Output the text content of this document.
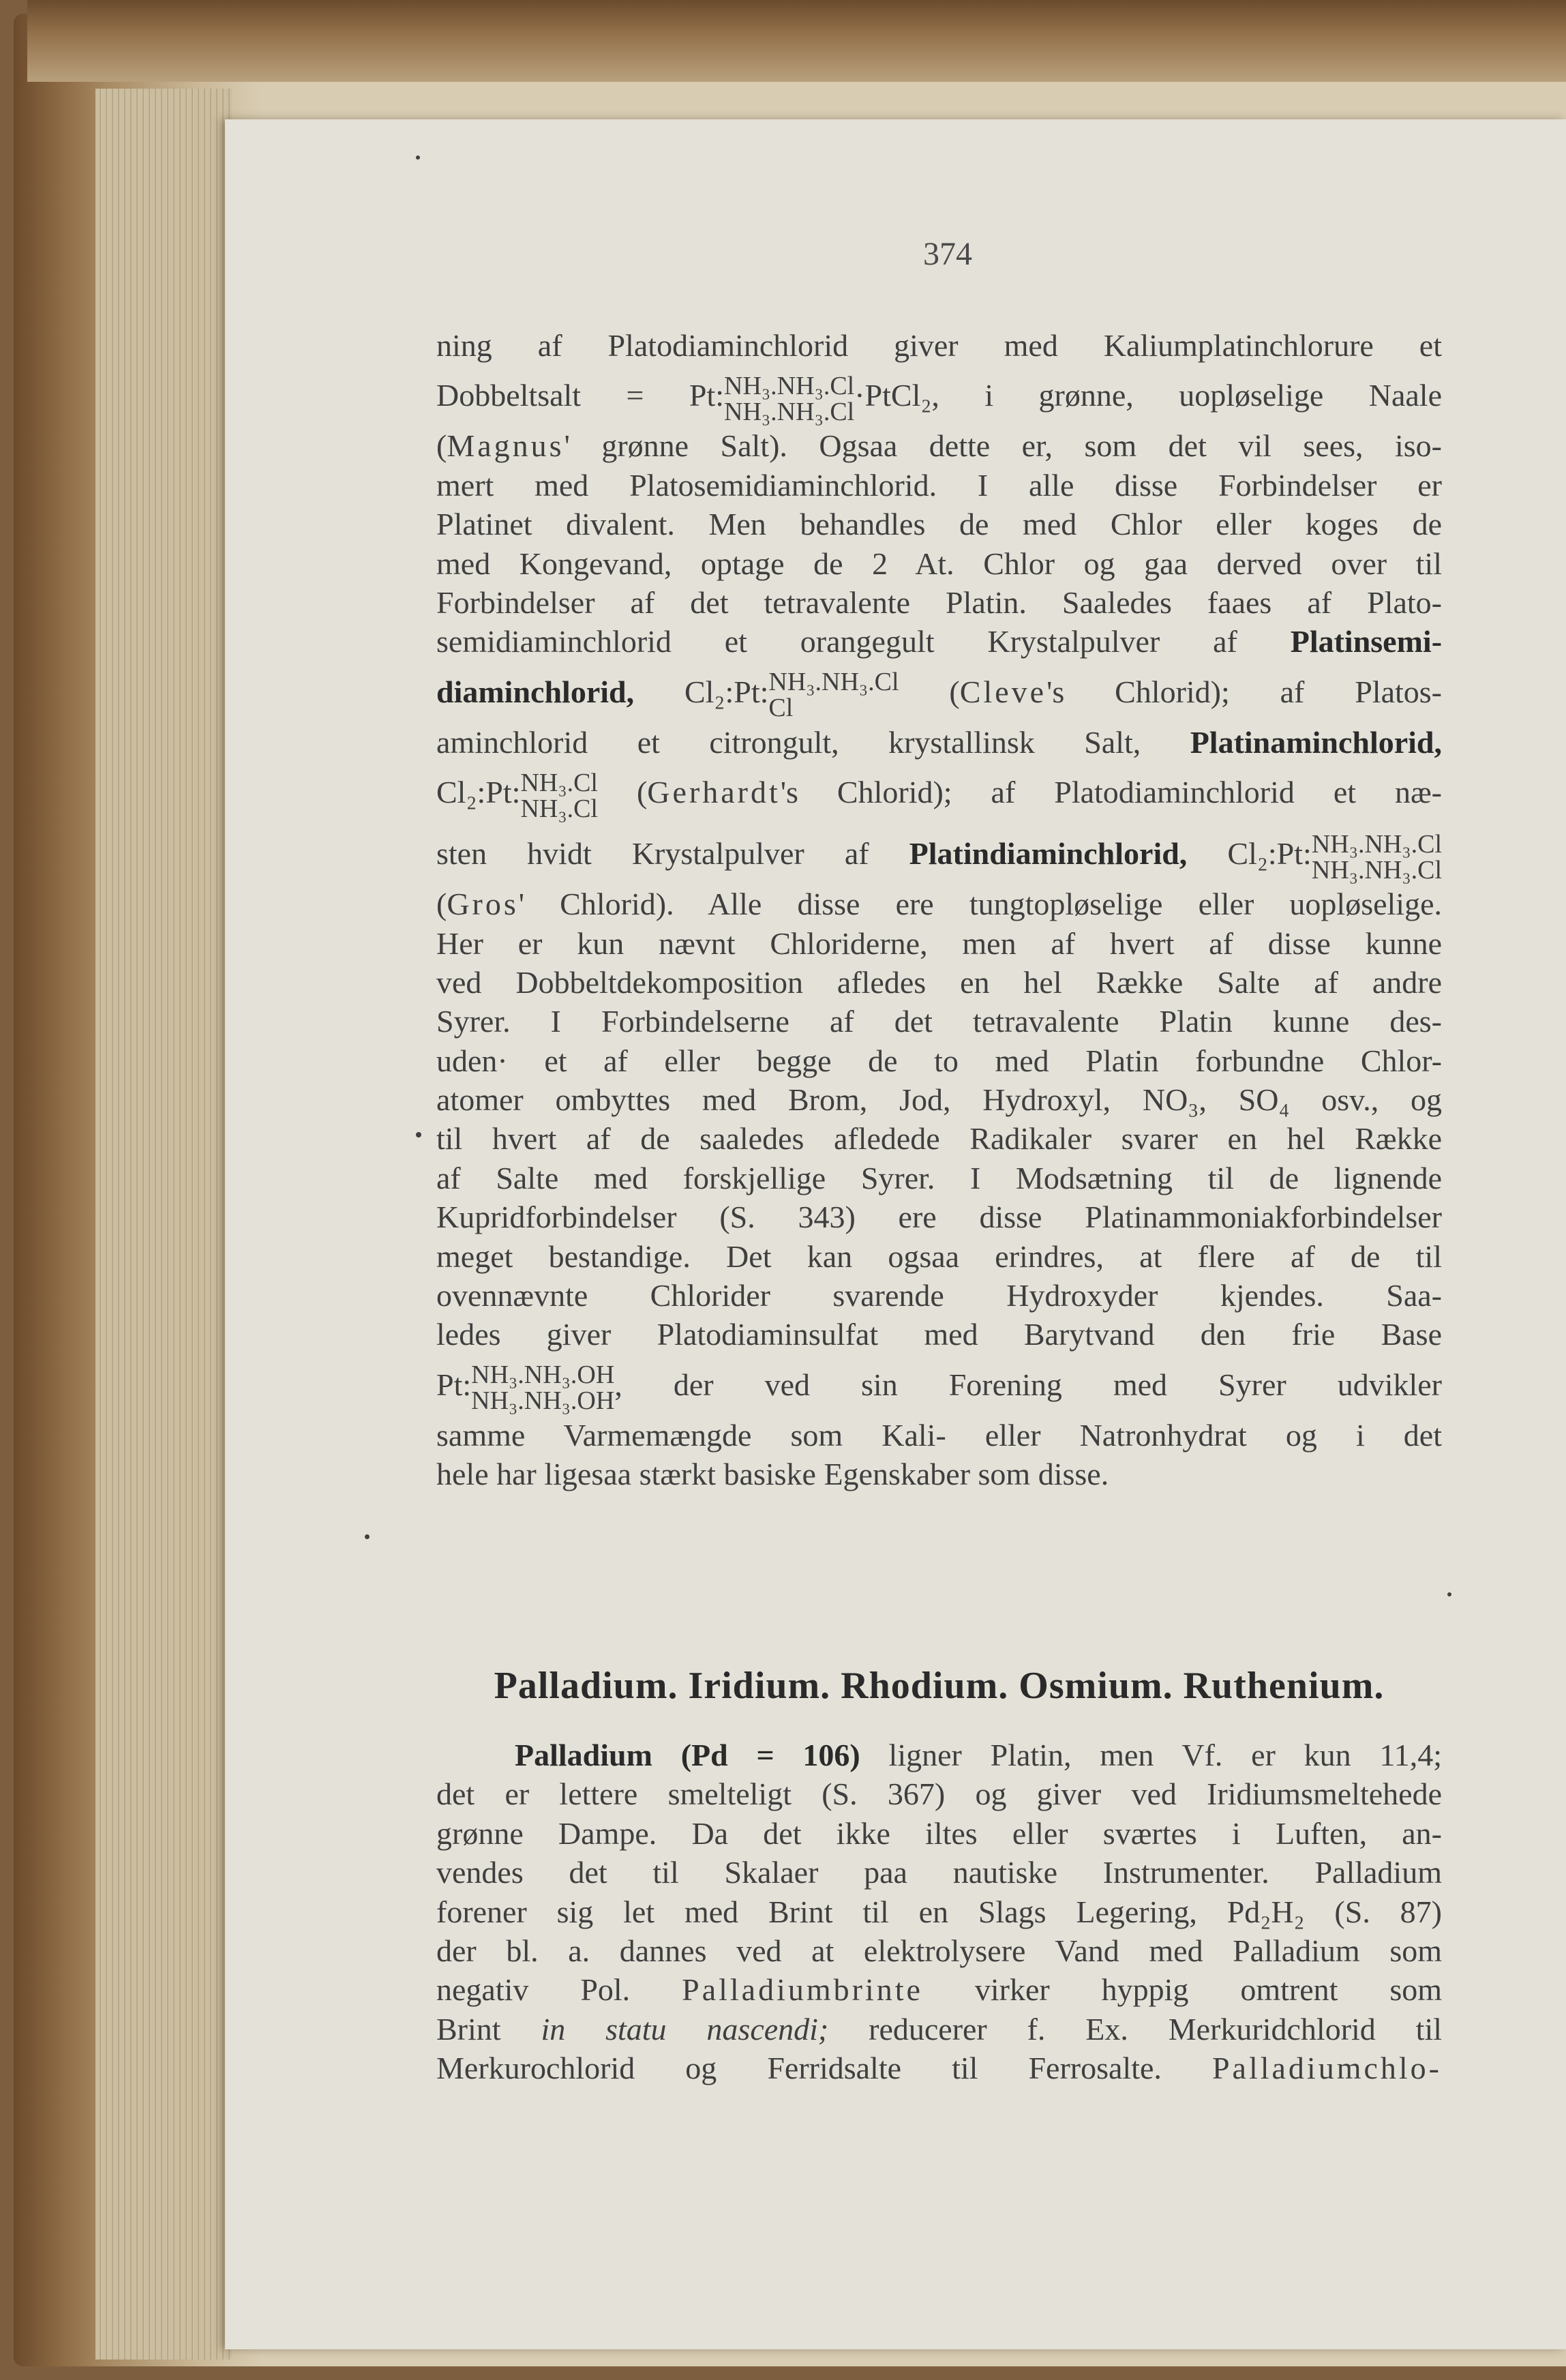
374
ning af Platodiaminchlorid giver med Kaliumplatinchlorure et
Dobbeltsalt = Pt: NH₃.NH₃.Cl
NH₃.NH₃.Cl ·PtCl₂, i grønne, uopløselige Naale
(Magnus' grønne Salt). Ogsaa dette er, som det vil sees, iso-
mert med Platosemidiaminchlorid. I alle disse Forbindelser er
Platinet divalent. Men behandles de med Chlor eller koges de
med Kongevand, optage de 2 At. Chlor og gaa derved over til
Forbindelser af det tetravalente Platin. Saaledes faaes af Plato-
semidiaminchlorid et orangegult Krystalpulver af Platinsemi-
diaminchlorid, Cl₂:Pt: NH₃.NH₃.Cl
Cl	(Cleve's Chlorid); af Platos-
aminchlorid et citrongult, krystallinsk Salt, Platinaminchlorid,
Cl₂:Pt: NH₃.Cl
NH₃.Cl (Gerhardt's Chlorid); af Platodiaminchlorid et næ-
sten hvidt Krystalpulver af Platindiaminchlorid, Cl₂:Pt: NH₃.NH₃.Cl
NH₃.NH₃.Cl
(Gros' Chlorid). Alle disse ere tungtopløselige eller uopløselige.
Her er kun nævnt Chloriderne, men af hvert af disse kunne
ved Dobbeltdekomposition afledes en hel Række Salte af andre
Syrer. I Forbindelserne af det tetravalente Platin kunne des-
uden· et af eller begge de to med Platin forbundne Chlor-
atomer ombyttes med Brom, Jod, Hydroxyl, NO₃, SO₄ osv., og
til hvert af de saaledes afledede Radikaler svarer en hel Række
af Salte med forskjellige Syrer. I Modsætning til de lignende
Kupridforbindelser (S. 343) ere disse Platinammoniakforbindelser
meget bestandige. Det kan ogsaa erindres, at flere af de til
ovennævnte Chlorider svarende Hydroxyder kjendes. Saa-
ledes giver Platodiaminsulfat med Barytvand den frie Base
Pt: NH₃.NH₃.OH
NH₃.NH₃.OH , der ved sin Forening med Syrer udvikler
samme Varmemængde som Kali- eller Natronhydrat og i det
hele har ligesaa stærkt basiske Egenskaber som disse.
Palladium. Iridium. Rhodium. Osmium. Ruthenium.
Palladium (Pd = 106) ligner Platin, men Vf. er kun 11,4;
det er lettere smelteligt (S. 367) og giver ved Iridiumsmeltehede
grønne Dampe. Da det ikke iltes eller sværtes i Luften, an-
vendes det til Skalaer paa nautiske Instrumenter. Palladium
forener sig let med Brint til en Slags Legering, Pd₂H₂ (S. 87)
der bl. a. dannes ved at elektrolysere Vand med Palladium som
negativ Pol. Palladiumbrinte virker hyppig omtrent som
Brint in statu nascendi; reducerer f. Ex. Merkuridchlorid til
Merkurochlorid og Ferridsalte til Ferrosalte. Palladiumchlo-
